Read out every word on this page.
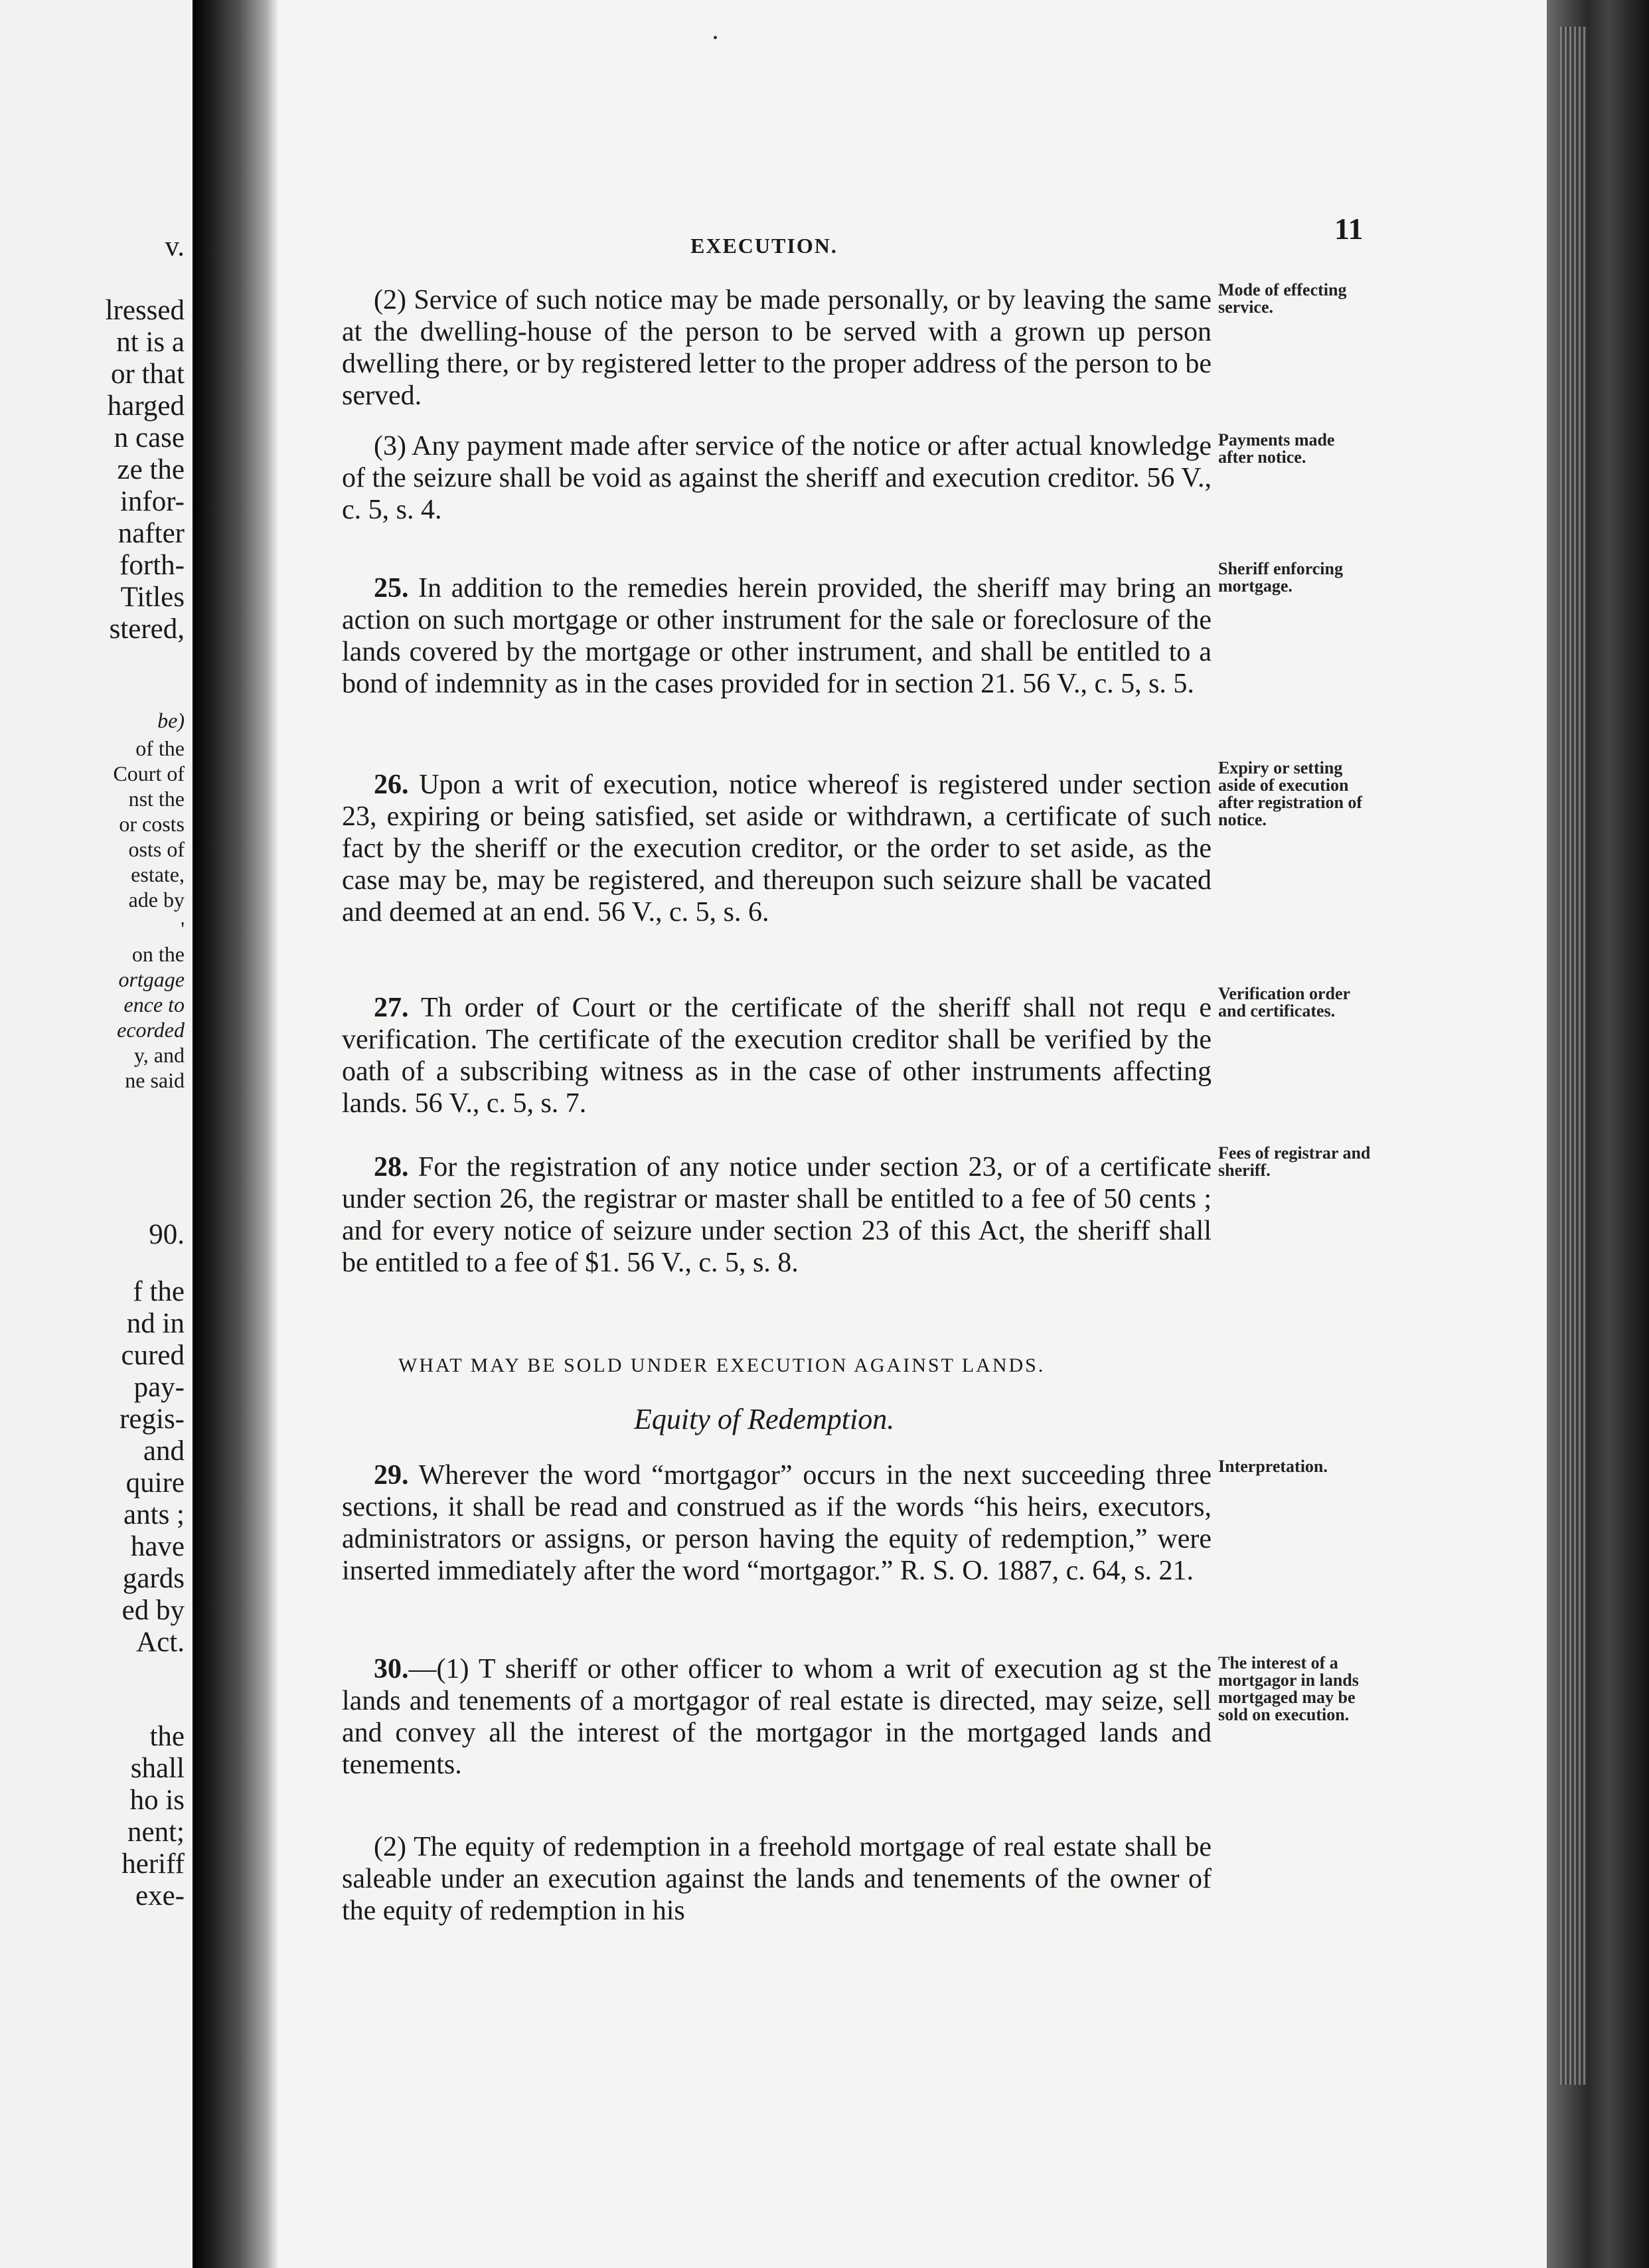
v.
lressed
nt is a
or that
harged
n case
ze the
infor-
nafter
forth-
Titles
stered,
be)
of the
Court of
nst the
or costs
osts of
estate,
ade by
'
on the
ortgage
ence to
ecorded
y, and
ne said
90.
f the
nd in
cured
pay-
regis-
and
quire
ants ;
have
gards
ed by
Act.
the
shall
ho is
nent;
heriff
exe-
EXECUTION.	11
(2) Service of such notice may be made personally, or by leaving the same at the dwelling-house of the person to be served with a grown up person dwelling there, or by registered letter to the proper address of the person to be served.
Mode of effecting service.
(3) Any payment made after service of the notice or after actual knowledge of the seizure shall be void as against the sheriff and execution creditor. 56 V., c. 5, s. 4.
Payments made after notice.
25. In addition to the remedies herein provided, the sheriff may bring an action on such mortgage or other instrument for the sale or foreclosure of the lands covered by the mortgage or other instrument, and shall be entitled to a bond of indemnity as in the cases provided for in section 21. 56 V., c. 5, s. 5.
Sheriff enforcing mortgage.
26. Upon a writ of execution, notice whereof is registered under section 23, expiring or being satisfied, set aside or withdrawn, a certificate of such fact by the sheriff or the execution creditor, or the order to set aside, as the case may be, may be registered, and thereupon such seizure shall be vacated and deemed at an end. 56 V., c. 5, s. 6.
Expiry or setting aside of execution after registration of notice.
27. Th order of Court or the certificate of the sheriff shall not requ e verification. The certificate of the execution creditor shall be verified by the oath of a subscribing witness as in the case of other instruments affecting lands. 56 V., c. 5, s. 7.
Verification order and certificates.
28. For the registration of any notice under section 23, or of a certificate under section 26, the registrar or master shall be entitled to a fee of 50 cents ; and for every notice of seizure under section 23 of this Act, the sheriff shall be entitled to a fee of $1. 56 V., c. 5, s. 8.
Fees of registrar and sheriff.
WHAT MAY BE SOLD UNDER EXECUTION AGAINST LANDS.
Equity of Redemption.
29. Wherever the word “mortgagor” occurs in the next succeeding three sections, it shall be read and construed as if the words “his heirs, executors, administrators or assigns, or person having the equity of redemption,” were inserted immediately after the word “mortgagor.” R. S. O. 1887, c. 64, s. 21.
Interpretation.
30.—(1) T sheriff or other officer to whom a writ of execution ag st the lands and tenements of a mortgagor of real estate is directed, may seize, sell and convey all the interest of the mortgagor in the mortgaged lands and tenements.
The interest of a mortgagor in lands mortgaged may be sold on execution.
(2) The equity of redemption in a freehold mortgage of real estate shall be saleable under an execution against the lands and tenements of the owner of the equity of redemption in his
